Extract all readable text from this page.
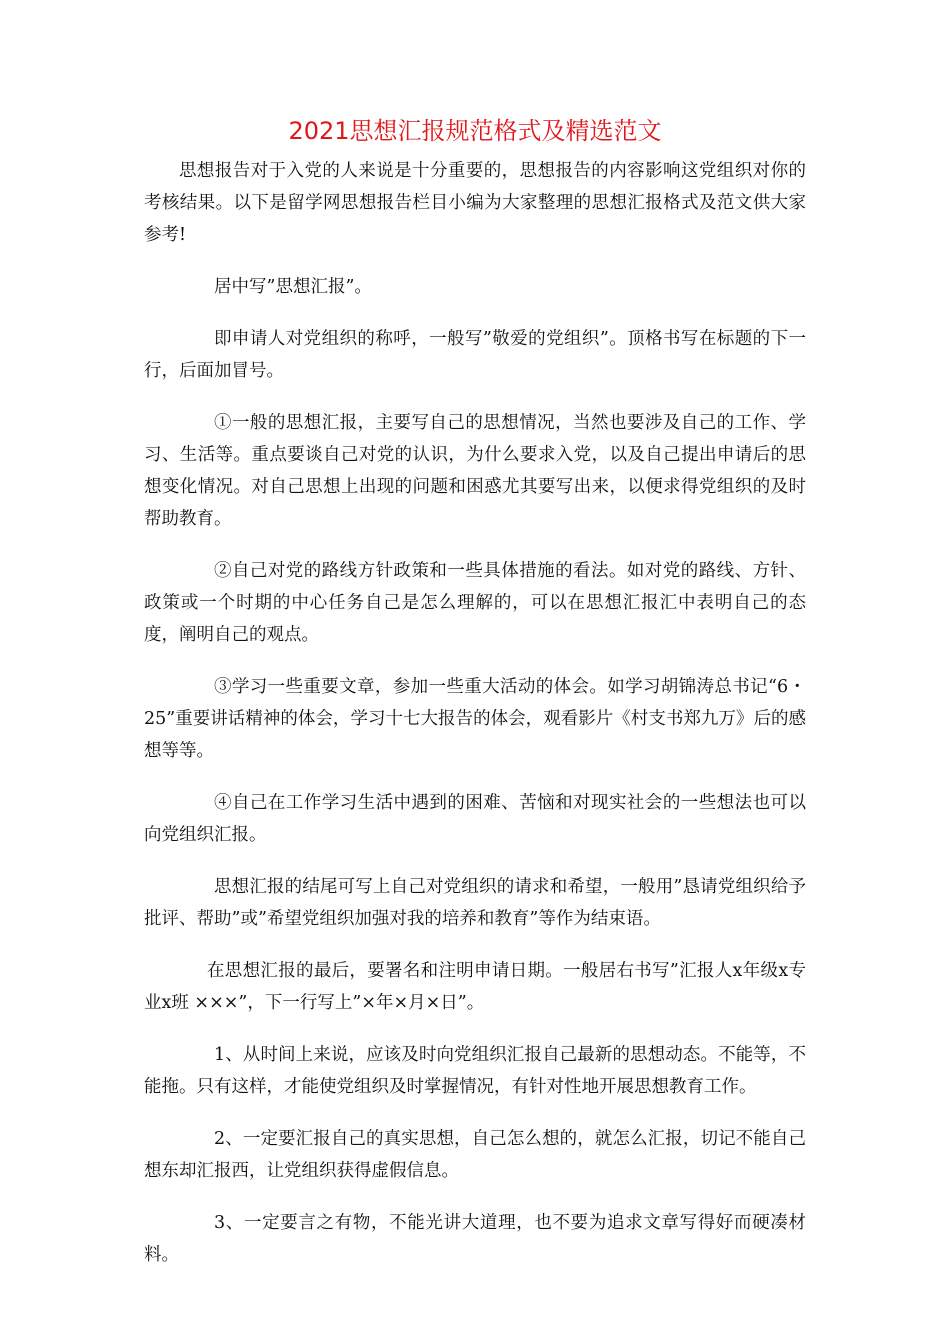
2021思想汇报规范格式及精选范文

思想报告对于入党的人来说是十分重要的，思想报告的内容影响这党组织对你的考核结果。以下是留学网思想报告栏目小编为大家整理的思想汇报格式及范文供大家参考!

居中写”思想汇报”。

即申请人对党组织的称呼，一般写”敬爱的党组织”。顶格书写在标题的下一行，后面加冒号。

①一般的思想汇报，主要写自己的思想情况，当然也要涉及自己的工作、学习、生活等。重点要谈自己对党的认识，为什么要求入党，以及自己提出申请后的思想变化情况。对自己思想上出现的问题和困惑尤其要写出来，以便求得党组织的及时帮助教育。

②自己对党的路线方针政策和一些具体措施的看法。如对党的路线、方针、政策或一个时期的中心任务自己是怎么理解的，可以在思想汇报汇中表明自己的态度，阐明自己的观点。

③学习一些重要文章，参加一些重大活动的体会。如学习胡锦涛总书记“6・25”重要讲话精神的体会，学习十七大报告的体会，观看影片《村支书郑九万》后的感想等等。

④自己在工作学习生活中遇到的困难、苦恼和对现实社会的一些想法也可以向党组织汇报。

思想汇报的结尾可写上自己对党组织的请求和希望，一般用”恳请党组织给予批评、帮助”或”希望党组织加强对我的培养和教育”等作为结束语。

在思想汇报的最后，要署名和注明申请日期。一般居右书写”汇报人x年级x专业x班 ×××”，下一行写上”×年×月×日”。

1、从时间上来说，应该及时向党组织汇报自己最新的思想动态。不能等，不能拖。只有这样，才能使党组织及时掌握情况，有针对性地开展思想教育工作。

2、一定要汇报自己的真实思想，自己怎么想的，就怎么汇报，切记不能自己想东却汇报西，让党组织获得虚假信息。

3、一定要言之有物，不能光讲大道理，也不要为追求文章写得好而硬凑材料。
